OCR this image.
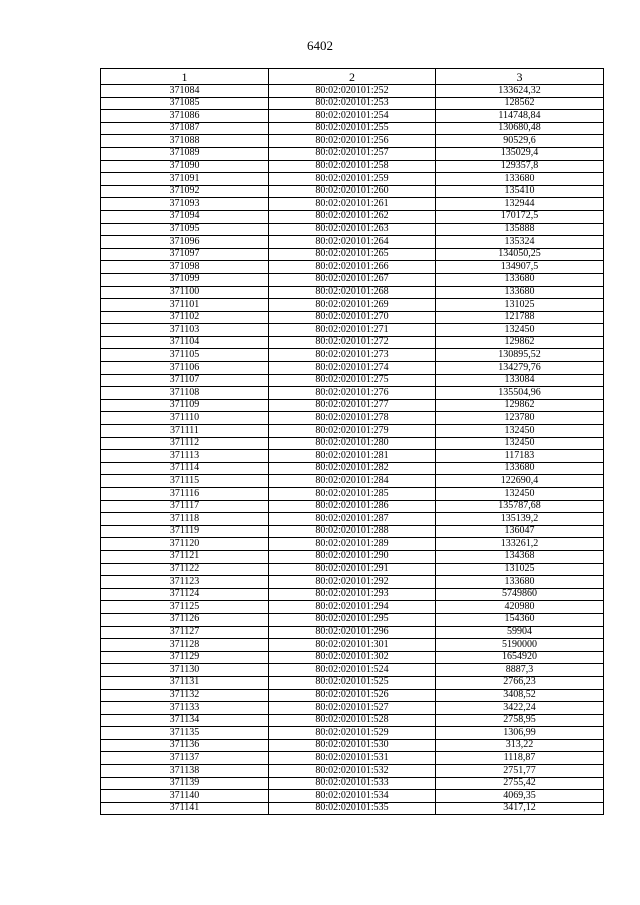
6402
1	2	3
371084	80:02:020101:252	133624,32
371085	80:02:020101:253	128562
371086	80:02:020101:254	114748,84
371087	80:02:020101:255	130680,48
371088	80:02:020101:256	90529,6
371089	80:02:020101:257	135029,4
371090	80:02:020101:258	129357,8
371091	80:02:020101:259	133680
371092	80:02:020101:260	135410
371093	80:02:020101:261	132944
371094	80:02:020101:262	170172,5
371095	80:02:020101:263	135888
371096	80:02:020101:264	135324
371097	80:02:020101:265	134050,25
371098	80:02:020101:266	134907,5
371099	80:02:020101:267	133680
371100	80:02:020101:268	133680
371101	80:02:020101:269	131025
371102	80:02:020101:270	121788
371103	80:02:020101:271	132450
371104	80:02:020101:272	129862
371105	80:02:020101:273	130895,52
371106	80:02:020101:274	134279,76
371107	80:02:020101:275	133084
371108	80:02:020101:276	135504,96
371109	80:02:020101:277	129862
371110	80:02:020101:278	123780
371111	80:02:020101:279	132450
371112	80:02:020101:280	132450
371113	80:02:020101:281	117183
371114	80:02:020101:282	133680
371115	80:02:020101:284	122690,4
371116	80:02:020101:285	132450
371117	80:02:020101:286	135787,68
371118	80:02:020101:287	135139,2
371119	80:02:020101:288	136047
371120	80:02:020101:289	133261,2
371121	80:02:020101:290	134368
371122	80:02:020101:291	131025
371123	80:02:020101:292	133680
371124	80:02:020101:293	5749860
371125	80:02:020101:294	420980
371126	80:02:020101:295	154360
371127	80:02:020101:296	59904
371128	80:02:020101:301	5190000
371129	80:02:020101:302	1654920
371130	80:02:020101:524	8887,3
371131	80:02:020101:525	2766,23
371132	80:02:020101:526	3408,52
371133	80:02:020101:527	3422,24
371134	80:02:020101:528	2758,95
371135	80:02:020101:529	1306,99
371136	80:02:020101:530	313,22
371137	80:02:020101:531	1118,87
371138	80:02:020101:532	2751,77
371139	80:02:020101:533	2755,42
371140	80:02:020101:534	4069,35
371141	80:02:020101:535	3417,12
